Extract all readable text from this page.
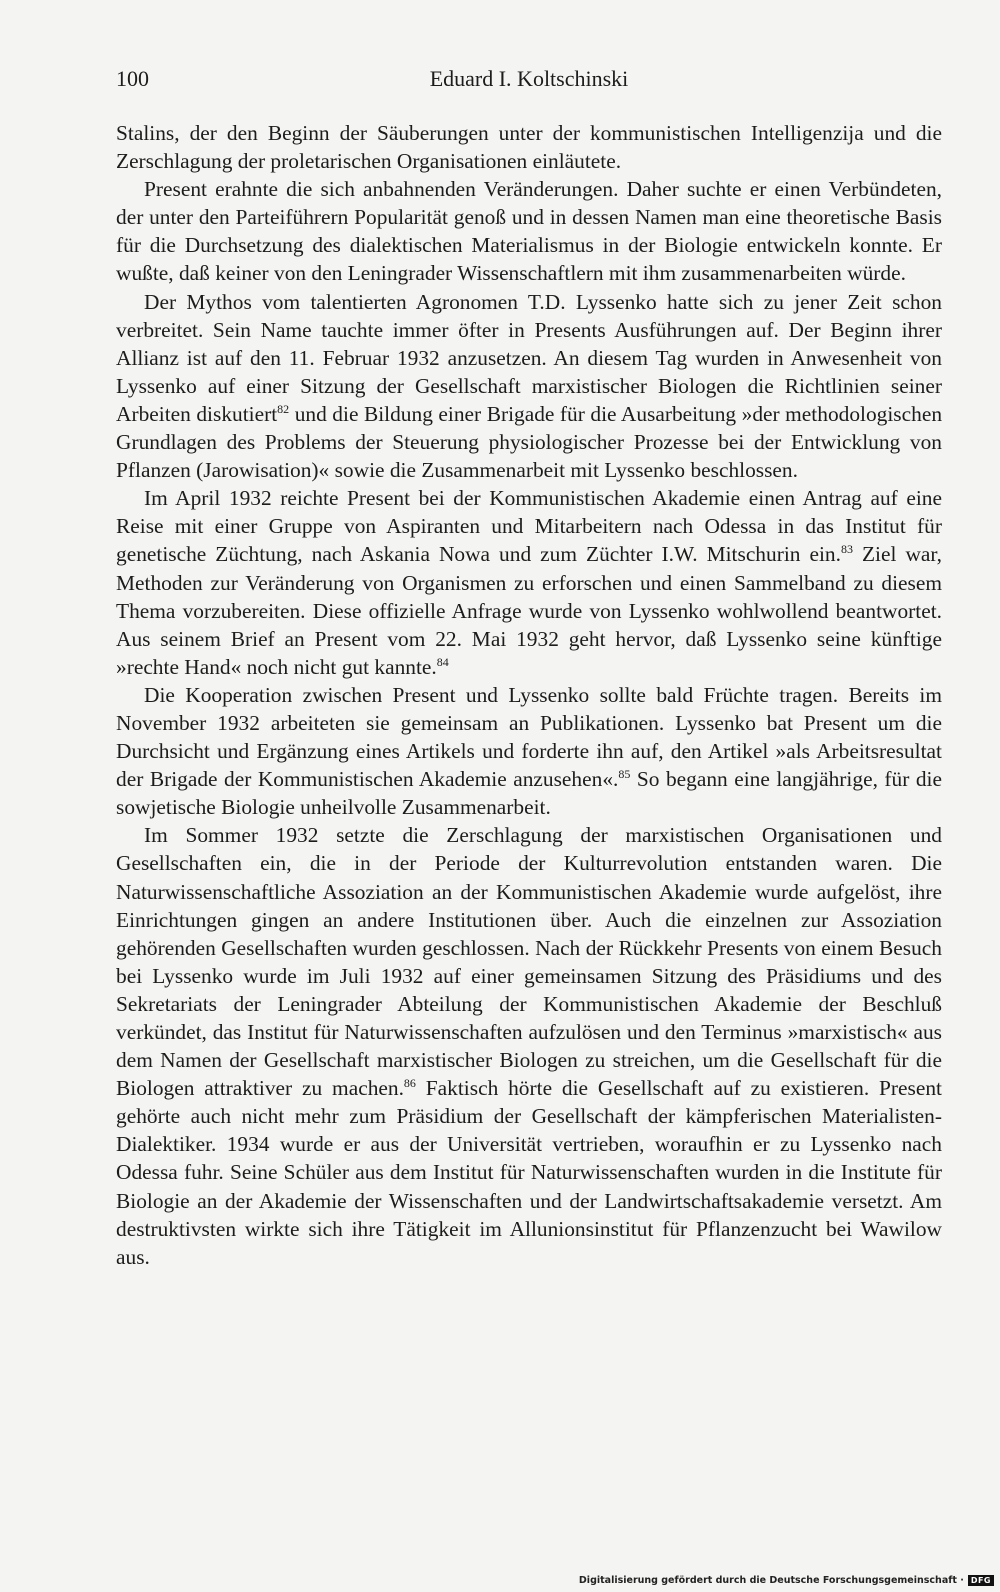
100	Eduard I. Koltschinski

Stalins, der den Beginn der Säuberungen unter der kommunistischen Intelligenzija und die Zerschlagung der proletarischen Organisationen einläutete.

Present erahnte die sich anbahnenden Veränderungen. Daher suchte er einen Verbündeten, der unter den Parteiführern Popularität genoß und in dessen Namen man eine theoretische Basis für die Durchsetzung des dialektischen Materialismus in der Biologie entwickeln konnte. Er wußte, daß keiner von den Leningrader Wissenschaftlern mit ihm zusammenarbeiten würde.

Der Mythos vom talentierten Agronomen T.D. Lyssenko hatte sich zu jener Zeit schon verbreitet. Sein Name tauchte immer öfter in Presents Ausführungen auf. Der Beginn ihrer Allianz ist auf den 11. Februar 1932 anzusetzen. An diesem Tag wurden in Anwesenheit von Lyssenko auf einer Sitzung der Gesellschaft marxistischer Biologen die Richtlinien seiner Arbeiten diskutiert$^{82}$ und die Bildung einer Brigade für die Ausarbeitung »der methodologischen Grundlagen des Problems der Steuerung physiologischer Prozesse bei der Entwicklung von Pflanzen (Jarowisation)« sowie die Zusammenarbeit mit Lyssenko beschlossen.

Im April 1932 reichte Present bei der Kommunistischen Akademie einen Antrag auf eine Reise mit einer Gruppe von Aspiranten und Mitarbeitern nach Odessa in das Institut für genetische Züchtung, nach Askania Nowa und zum Züchter I.W. Mitschurin ein.$^{83}$ Ziel war, Methoden zur Veränderung von Organismen zu erforschen und einen Sammelband zu diesem Thema vorzubereiten. Diese offizielle Anfrage wurde von Lyssenko wohlwollend beantwortet. Aus seinem Brief an Present vom 22. Mai 1932 geht hervor, daß Lyssenko seine künftige »rechte Hand« noch nicht gut kannte.$^{84}$

Die Kooperation zwischen Present und Lyssenko sollte bald Früchte tragen. Bereits im November 1932 arbeiteten sie gemeinsam an Publikationen. Lyssenko bat Present um die Durchsicht und Ergänzung eines Artikels und forderte ihn auf, den Artikel »als Arbeitsresultat der Brigade der Kommunistischen Akademie anzusehen«.$^{85}$ So begann eine langjährige, für die sowjetische Biologie unheilvolle Zusammenarbeit.

Im Sommer 1932 setzte die Zerschlagung der marxistischen Organisationen und Gesellschaften ein, die in der Periode der Kulturrevolution entstanden waren. Die Naturwissenschaftliche Assoziation an der Kommunistischen Akademie wurde aufgelöst, ihre Einrichtungen gingen an andere Institutionen über. Auch die einzelnen zur Assoziation gehörenden Gesellschaften wurden geschlossen. Nach der Rückkehr Presents von einem Besuch bei Lyssenko wurde im Juli 1932 auf einer gemeinsamen Sitzung des Präsidiums und des Sekretariats der Leningrader Abteilung der Kommunistischen Akademie der Beschluß verkündet, das Institut für Naturwissenschaften aufzulösen und den Terminus »marxistisch« aus dem Namen der Gesellschaft marxistischer Biologen zu streichen, um die Gesellschaft für die Biologen attraktiver zu machen.$^{86}$ Faktisch hörte die Gesellschaft auf zu existieren. Present gehörte auch nicht mehr zum Präsidium der Gesellschaft der kämpferischen Materialisten-Dialektiker. 1934 wurde er aus der Universität vertrieben, woraufhin er zu Lyssenko nach Odessa fuhr. Seine Schüler aus dem Institut für Naturwissenschaften wurden in die Institute für Biologie an der Akademie der Wissenschaften und der Landwirtschaftsakademie versetzt. Am destruktivsten wirkte sich ihre Tätigkeit im Allunionsinstitut für Pflanzenzucht bei Wawilow aus.

Digitalisierung gefördert durch die Deutsche Forschungsgemeinschaft · DFG
